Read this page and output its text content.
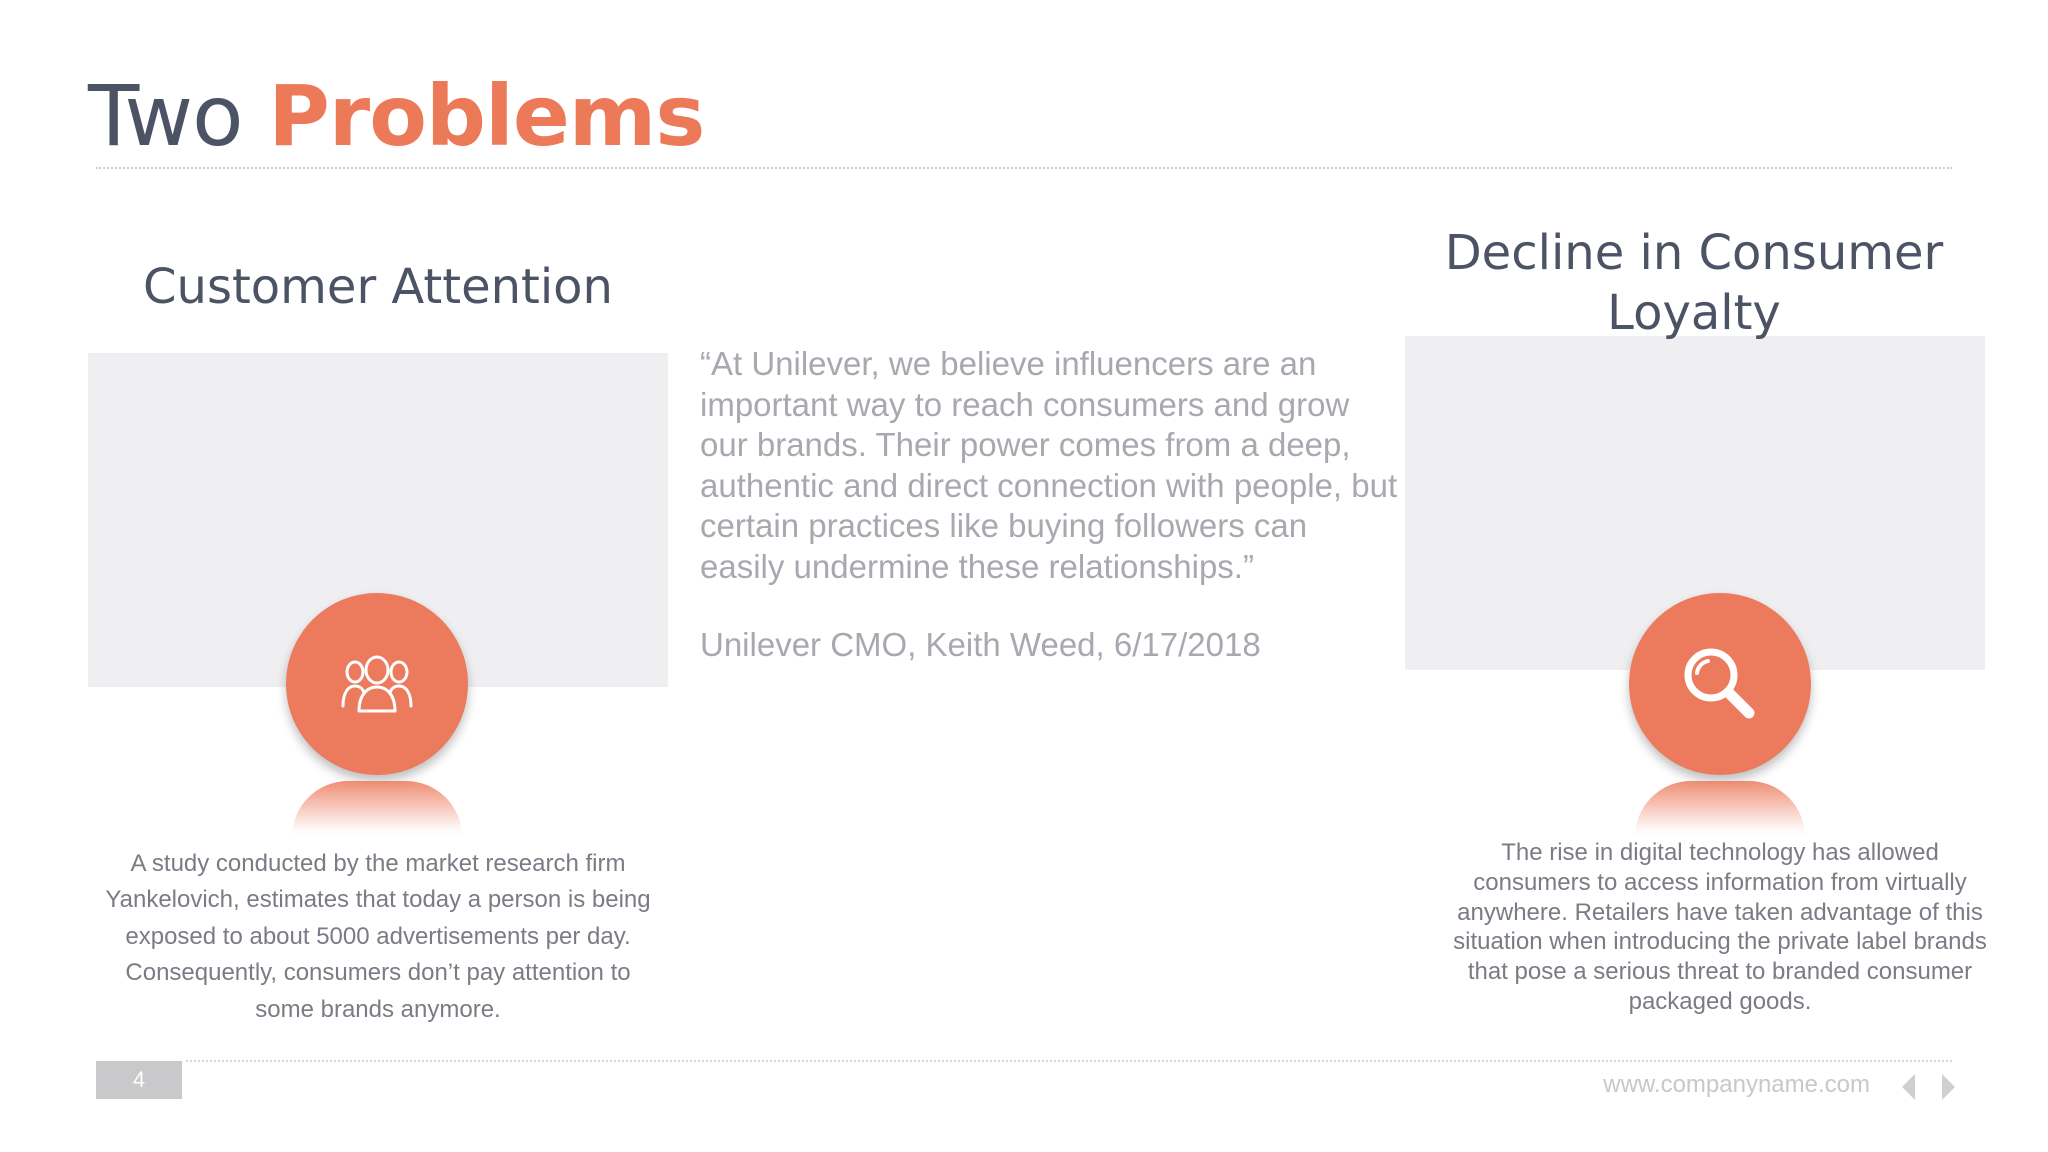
Two Problems
Customer Attention
A study conducted by the market research firm Yankelovich, estimates that today a person is being exposed to about 5000 advertisements per day. Consequently, consumers don’t pay attention to some brands anymore.
“At Unilever, we believe influencers are an important way to reach consumers and grow our brands. Their power comes from a deep, authentic and direct connection with people, but certain practices like buying followers can easily undermine these relationships.”
Unilever CMO, Keith Weed, 6/17/2018
Decline in Consumer Loyalty
The rise in digital technology has allowed consumers to access information from virtually anywhere. Retailers have taken advantage of this situation when introducing the private label brands that pose a serious threat to branded consumer packaged goods.
4	www.companyname.com
